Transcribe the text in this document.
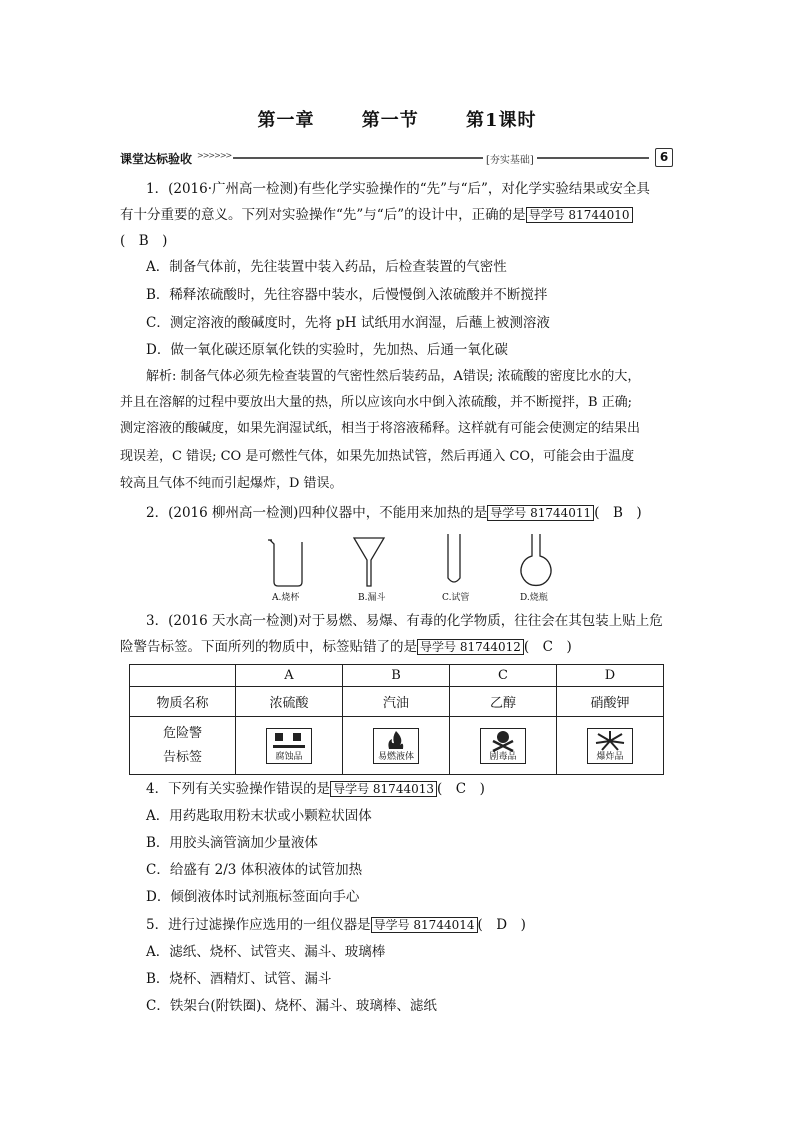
第一章	第一节	第1课时
课堂达标验收 >>>>>>	[夯实基础]	6
1．(2016·广州高一检测)有些化学实验操作的“先”与“后”，对化学实验结果或安全具
有十分重要的意义。下列对实验操作“先”与“后”的设计中，正确的是 导学号 81744010
(　B　)
A．制备气体前，先往装置中装入药品，后检查装置的气密性
B．稀释浓硫酸时，先往容器中装水，后慢慢倒入浓硫酸并不断搅拌
C．测定溶液的酸碱度时，先将 pH 试纸用水润湿，后蘸上被测溶液
D．做一氧化碳还原氧化铁的实验时，先加热、后通一氧化碳
解析: 制备气体必须先检查装置的气密性然后装药品，A错误; 浓硫酸的密度比水的大，
并且在溶解的过程中要放出大量的热，所以应该向水中倒入浓硫酸，并不断搅拌，B 正确;
测定溶液的酸碱度，如果先润湿试纸，相当于将溶液稀释。这样就有可能会使测定的结果出
现误差，C 错误; CO 是可燃性气体，如果先加热试管，然后再通入 CO，可能会由于温度
较高且气体不纯而引起爆炸，D 错误。
2．(2016 柳州高一检测)四种仪器中，不能用来加热的是 导学号 81744011 (　B　)
A.烧杯	B.漏斗	C.试管	D.烧瓶
3．(2016 天水高一检测)对于易燃、易爆、有毒的化学物质，往往会在其包装上贴上危
险警告标签。下面所列的物质中，标签贴错了的是 导学号 81744012 (　C　)
	A	B	C	D
物质名称	浓硫酸	汽油	乙醇	硝酸钾
危险警
告标签	腐蚀品	易燃液体	剧毒品	爆炸品
4．下列有关实验操作错误的是 导学号 81744013 (　C　)
A．用药匙取用粉末状或小颗粒状固体
B．用胶头滴管滴加少量液体
C．给盛有 2/3 体积液体的试管加热
D．倾倒液体时试剂瓶标签面向手心
5．进行过滤操作应选用的一组仪器是 导学号 81744014 (　D　)
A．滤纸、烧杯、试管夹、漏斗、玻璃棒
B．烧杯、酒精灯、试管、漏斗
C．铁架台(附铁圈)、烧杯、漏斗、玻璃棒、滤纸
